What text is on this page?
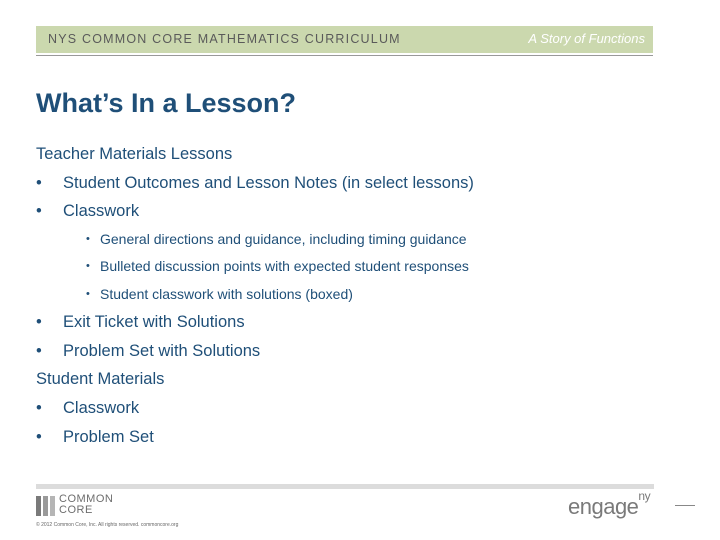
NYS COMMON CORE MATHEMATICS CURRICULUM	A Story of Functions
What’s In a Lesson?
Teacher Materials Lessons
• Student Outcomes and Lesson Notes (in select lessons)
• Classwork
• General directions and guidance, including timing guidance
• Bulleted discussion points with expected student responses
• Student classwork with solutions (boxed)
• Exit Ticket with Solutions
• Problem Set with Solutions
Student Materials
• Classwork
• Problem Set
COMMON
CORE
© 2012 Common Core, Inc. All rights reserved. commoncore.org
engage$^{ny}$
